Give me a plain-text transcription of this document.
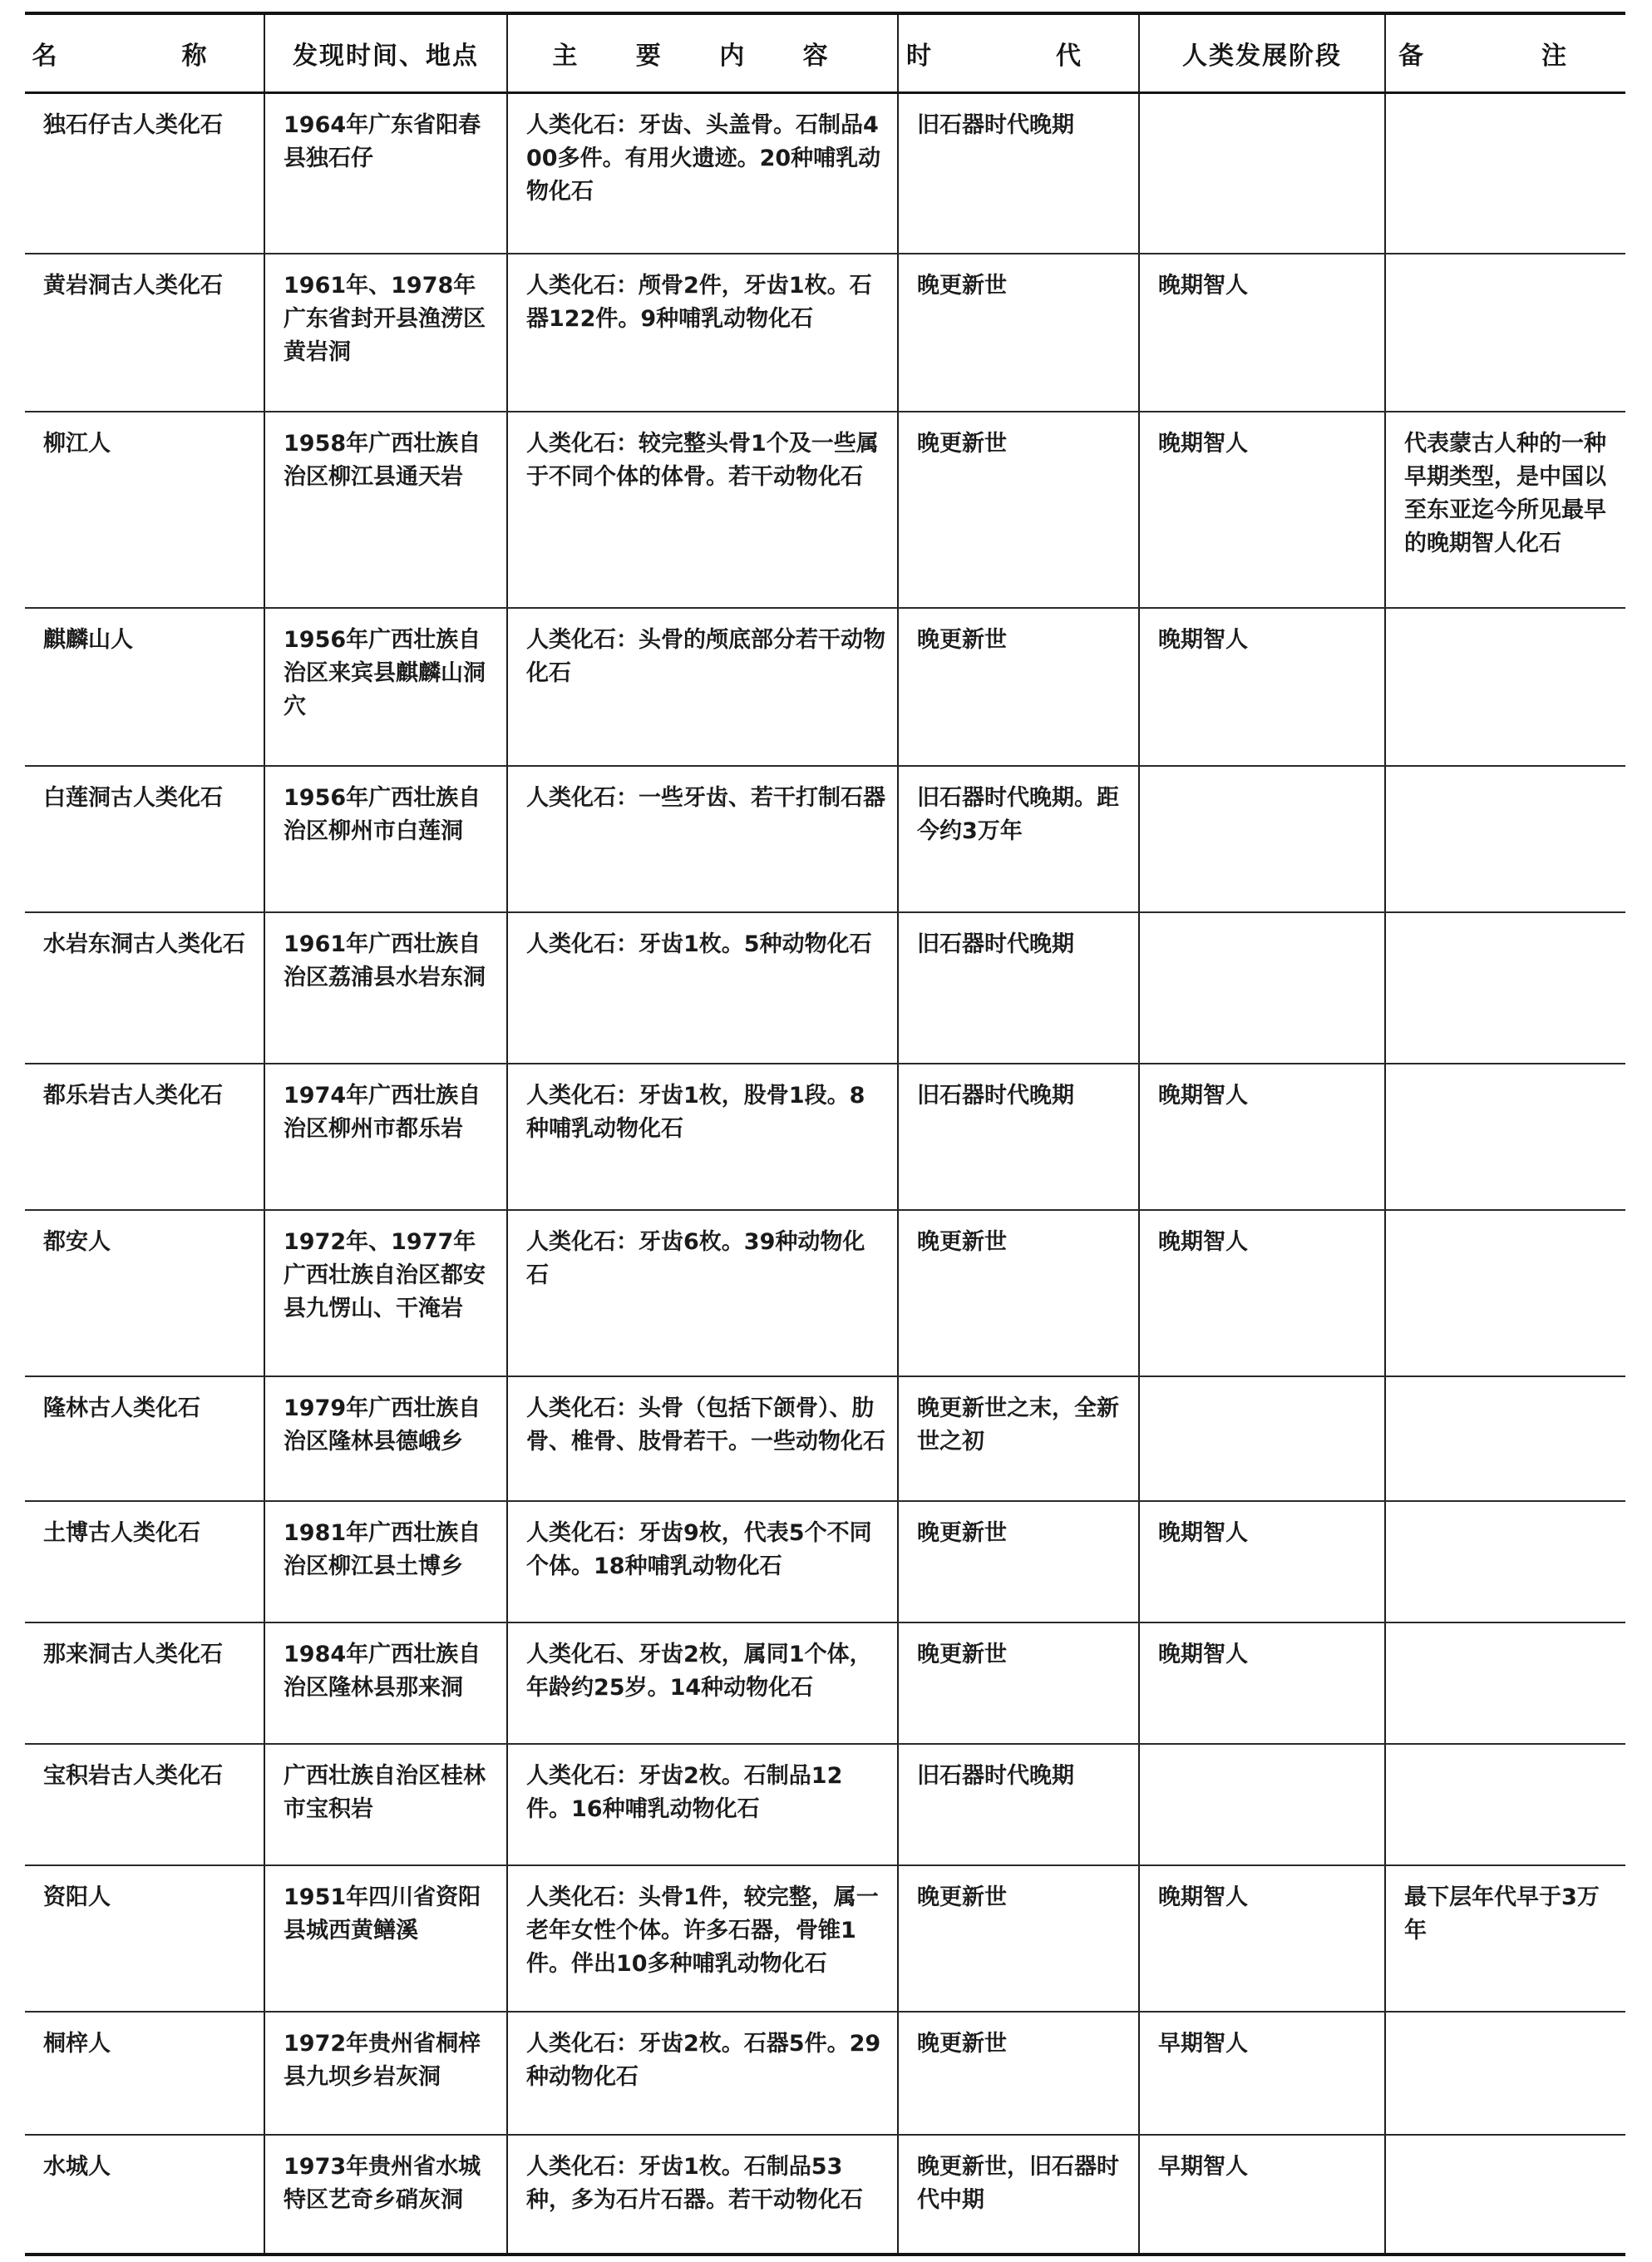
名　称	发现时间、地点	主 要 内 容	时　代	人类发展阶段	备　注
独石仔古人类化石	1964年广东省阳春县独石仔	人类化石：牙齿、头盖骨。石制品400多件。有用火遗迹。20种哺乳动物化石	旧石器时代晚期		
黄岩洞古人类化石	1961年、1978年广东省封开县渔涝区黄岩洞	人类化石：颅骨2件，牙齿1枚。石器122件。9种哺乳动物化石	晚更新世	晚期智人	
柳江人	1958年广西壮族自治区柳江县通天岩	人类化石：较完整头骨1个及一些属于不同个体的体骨。若干动物化石	晚更新世	晚期智人	代表蒙古人种的一种早期类型，是中国以至东亚迄今所见最早的晚期智人化石
麒麟山人	1956年广西壮族自治区来宾县麒麟山洞穴	人类化石：头骨的颅底部分若干动物化石	晚更新世	晚期智人	
白莲洞古人类化石	1956年广西壮族自治区柳州市白莲洞	人类化石：一些牙齿、若干打制石器	旧石器时代晚期。距今约3万年		
水岩东洞古人类化石	1961年广西壮族自治区荔浦县水岩东洞	人类化石：牙齿1枚。5种动物化石	旧石器时代晚期		
都乐岩古人类化石	1974年广西壮族自治区柳州市都乐岩	人类化石：牙齿1枚，股骨1段。8种哺乳动物化石	旧石器时代晚期	晚期智人	
都安人	1972年、1977年广西壮族自治区都安县九愣山、干淹岩	人类化石：牙齿6枚。39种动物化石	晚更新世	晚期智人	
隆林古人类化石	1979年广西壮族自治区隆林县德峨乡	人类化石：头骨（包括下颌骨）、肋骨、椎骨、肢骨若干。一些动物化石	晚更新世之末，全新世之初		
土博古人类化石	1981年广西壮族自治区柳江县土博乡	人类化石：牙齿9枚，代表5个不同个体。18种哺乳动物化石	晚更新世	晚期智人	
那来洞古人类化石	1984年广西壮族自治区隆林县那来洞	人类化石、牙齿2枚，属同1个体，年龄约25岁。14种动物化石	晚更新世	晚期智人	
宝积岩古人类化石	广西壮族自治区桂林市宝积岩	人类化石：牙齿2枚。石制品12件。16种哺乳动物化石	旧石器时代晚期		
资阳人	1951年四川省资阳县城西黄鳝溪	人类化石：头骨1件，较完整，属一老年女性个体。许多石器，骨锥1件。伴出10多种哺乳动物化石	晚更新世	晚期智人	最下层年代早于3万年
桐梓人	1972年贵州省桐梓县九坝乡岩灰洞	人类化石：牙齿2枚。石器5件。29种动物化石	晚更新世	早期智人	
水城人	1973年贵州省水城特区艺奇乡硝灰洞	人类化石：牙齿1枚。石制品53种，多为石片石器。若干动物化石	晚更新世，旧石器时代中期	早期智人	
